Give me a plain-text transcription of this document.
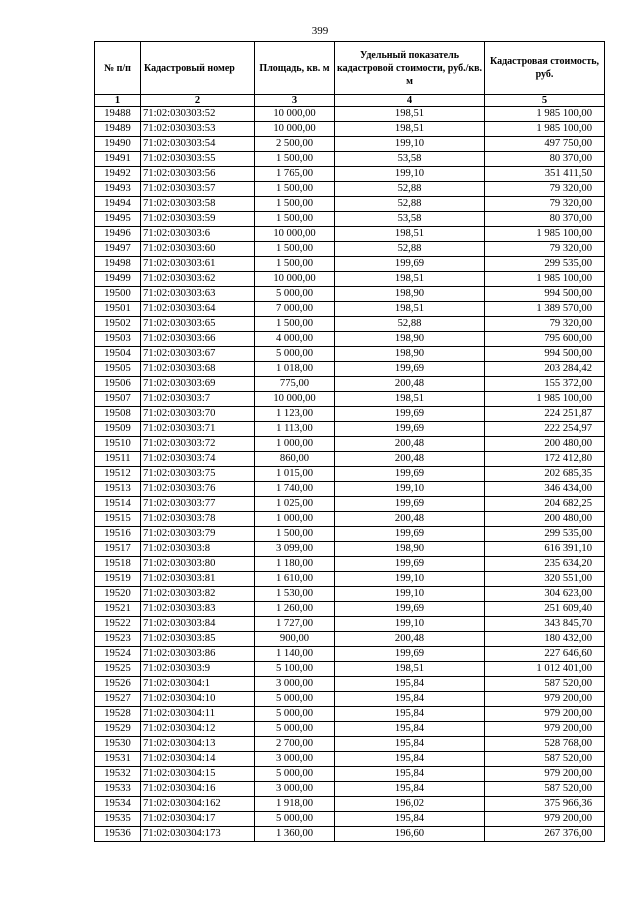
399
№ п/п	Кадастровый номер	Площадь, кв. м	Удельный показатель кадастровой стоимости, руб./кв. м	Кадастровая стоимость, руб.
1	2	3	4	5
19488	71:02:030303:52	10 000,00	198,51	1 985 100,00
19489	71:02:030303:53	10 000,00	198,51	1 985 100,00
19490	71:02:030303:54	2 500,00	199,10	497 750,00
19491	71:02:030303:55	1 500,00	53,58	80 370,00
19492	71:02:030303:56	1 765,00	199,10	351 411,50
19493	71:02:030303:57	1 500,00	52,88	79 320,00
19494	71:02:030303:58	1 500,00	52,88	79 320,00
19495	71:02:030303:59	1 500,00	53,58	80 370,00
19496	71:02:030303:6	10 000,00	198,51	1 985 100,00
19497	71:02:030303:60	1 500,00	52,88	79 320,00
19498	71:02:030303:61	1 500,00	199,69	299 535,00
19499	71:02:030303:62	10 000,00	198,51	1 985 100,00
19500	71:02:030303:63	5 000,00	198,90	994 500,00
19501	71:02:030303:64	7 000,00	198,51	1 389 570,00
19502	71:02:030303:65	1 500,00	52,88	79 320,00
19503	71:02:030303:66	4 000,00	198,90	795 600,00
19504	71:02:030303:67	5 000,00	198,90	994 500,00
19505	71:02:030303:68	1 018,00	199,69	203 284,42
19506	71:02:030303:69	775,00	200,48	155 372,00
19507	71:02:030303:7	10 000,00	198,51	1 985 100,00
19508	71:02:030303:70	1 123,00	199,69	224 251,87
19509	71:02:030303:71	1 113,00	199,69	222 254,97
19510	71:02:030303:72	1 000,00	200,48	200 480,00
19511	71:02:030303:74	860,00	200,48	172 412,80
19512	71:02:030303:75	1 015,00	199,69	202 685,35
19513	71:02:030303:76	1 740,00	199,10	346 434,00
19514	71:02:030303:77	1 025,00	199,69	204 682,25
19515	71:02:030303:78	1 000,00	200,48	200 480,00
19516	71:02:030303:79	1 500,00	199,69	299 535,00
19517	71:02:030303:8	3 099,00	198,90	616 391,10
19518	71:02:030303:80	1 180,00	199,69	235 634,20
19519	71:02:030303:81	1 610,00	199,10	320 551,00
19520	71:02:030303:82	1 530,00	199,10	304 623,00
19521	71:02:030303:83	1 260,00	199,69	251 609,40
19522	71:02:030303:84	1 727,00	199,10	343 845,70
19523	71:02:030303:85	900,00	200,48	180 432,00
19524	71:02:030303:86	1 140,00	199,69	227 646,60
19525	71:02:030303:9	5 100,00	198,51	1 012 401,00
19526	71:02:030304:1	3 000,00	195,84	587 520,00
19527	71:02:030304:10	5 000,00	195,84	979 200,00
19528	71:02:030304:11	5 000,00	195,84	979 200,00
19529	71:02:030304:12	5 000,00	195,84	979 200,00
19530	71:02:030304:13	2 700,00	195,84	528 768,00
19531	71:02:030304:14	3 000,00	195,84	587 520,00
19532	71:02:030304:15	5 000,00	195,84	979 200,00
19533	71:02:030304:16	3 000,00	195,84	587 520,00
19534	71:02:030304:162	1 918,00	196,02	375 966,36
19535	71:02:030304:17	5 000,00	195,84	979 200,00
19536	71:02:030304:173	1 360,00	196,60	267 376,00
